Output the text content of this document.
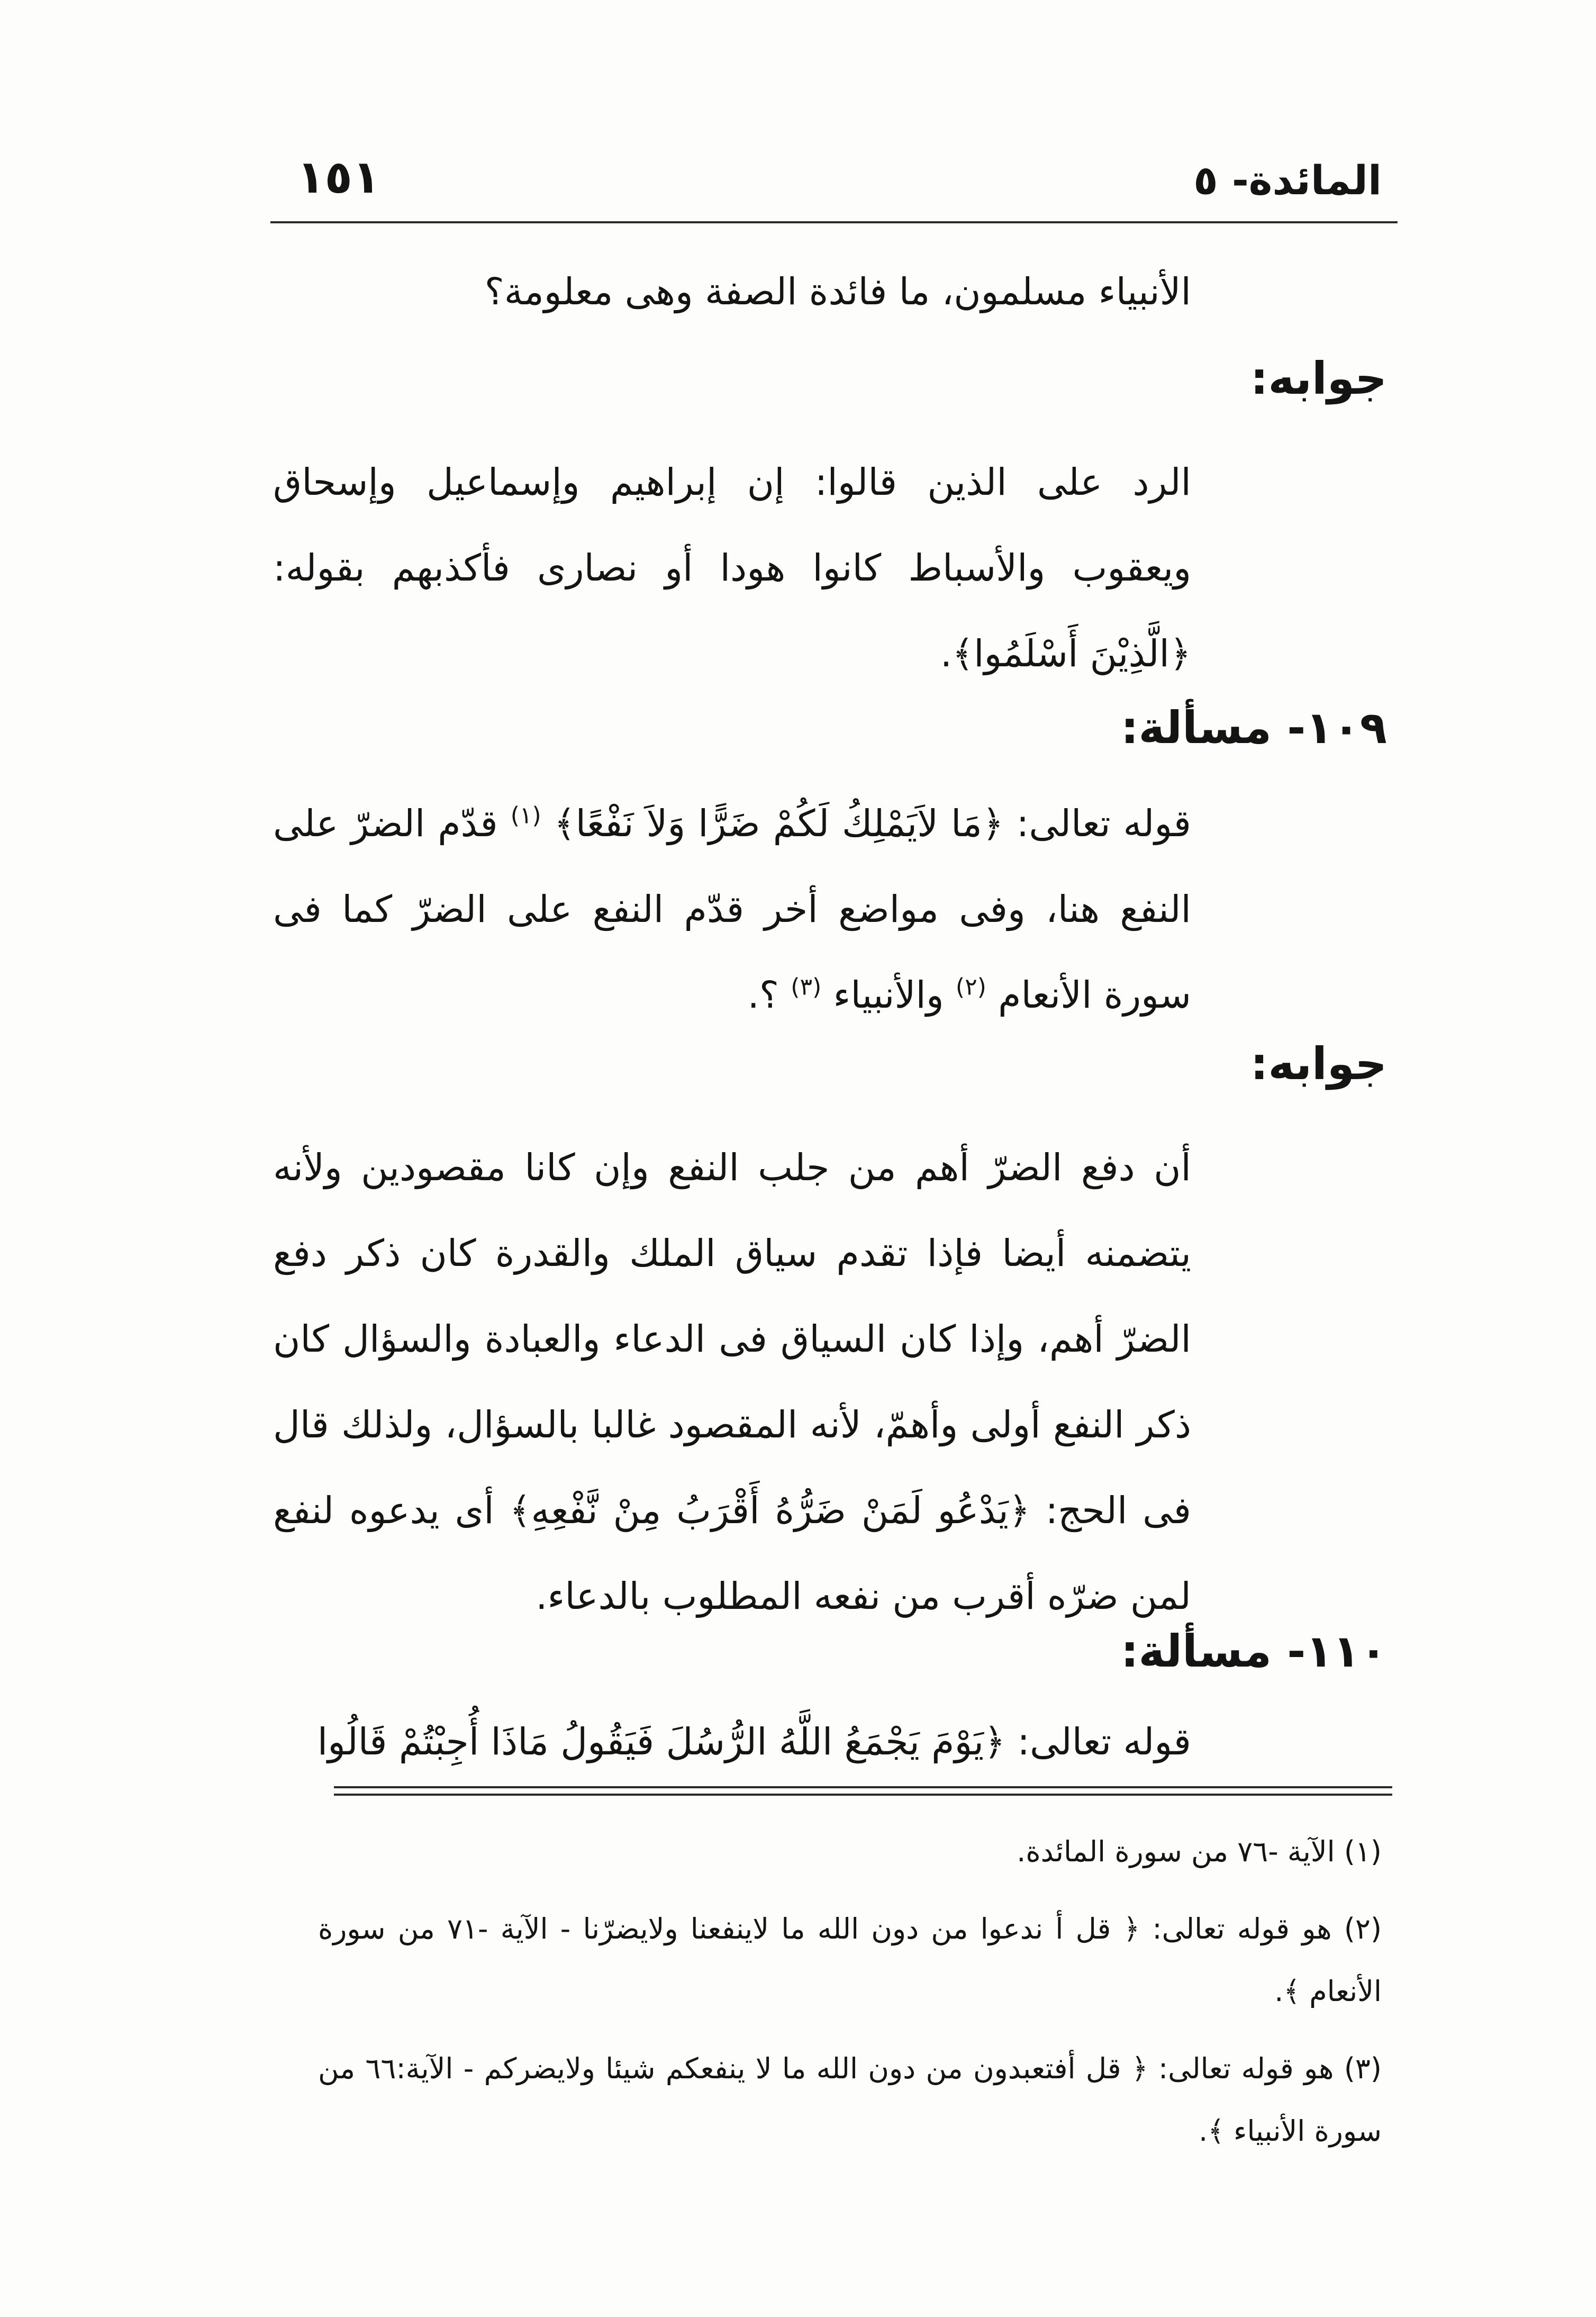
المائدة- ٥
١٥١

الأنبياء مسلمون، ما فائدة الصفة وهى معلومة؟

جوابه:

الرد على الذين قالوا: إن إبراهيم وإسماعيل وإسحاق ويعقوب والأسباط كانوا هودا أو نصارى فأكذبهم بقوله: ﴿الَّذِيْنَ أَسْلَمُوا﴾.

١٠٩- مسألة:

قوله تعالى: ﴿مَا لاَيَمْلِكُ لَكُمْ ضَرًّا وَلاَ نَفْعًا﴾ $^{(١)}$ قدّم الضرّ على النفع هنا، وفى مواضع أخر قدّم النفع على الضرّ كما فى سورة الأنعام $^{(٢)}$ والأنبياء $^{(٣)}$ ؟.

جوابه:

أن دفع الضرّ أهم من جلب النفع وإن كانا مقصودين ولأنه يتضمنه أيضا فإذا تقدم سياق الملك والقدرة كان ذكر دفع الضرّ أهم، وإذا كان السياق فى الدعاء والعبادة والسؤال كان ذكر النفع أولى وأهمّ، لأنه المقصود غالبا بالسؤال، ولذلك قال فى الحج: ﴿يَدْعُو لَمَنْ ضَرُّهُ أَقْرَبُ مِنْ نَّفْعِهِ﴾ أى يدعوه لنفع لمن ضرّه أقرب من نفعه المطلوب بالدعاء.

١١٠- مسألة:

قوله تعالى: ﴿يَوْمَ يَجْمَعُ اللَّهُ الرُّسُلَ فَيَقُولُ مَاذَا أُجِبْتُمْ قَالُوا

(١) الآية -٧٦ من سورة المائدة.

(٢) هو قوله تعالى: ﴿ قل أ ندعوا من دون الله ما لاينفعنا ولايضرّنا - الآية -٧١ من سورة الأنعام ﴾.

(٣) هو قوله تعالى: ﴿ قل أفتعبدون من دون الله ما لا ينفعكم شيئا ولايضركم - الآية:٦٦ من سورة الأنبياء ﴾.
